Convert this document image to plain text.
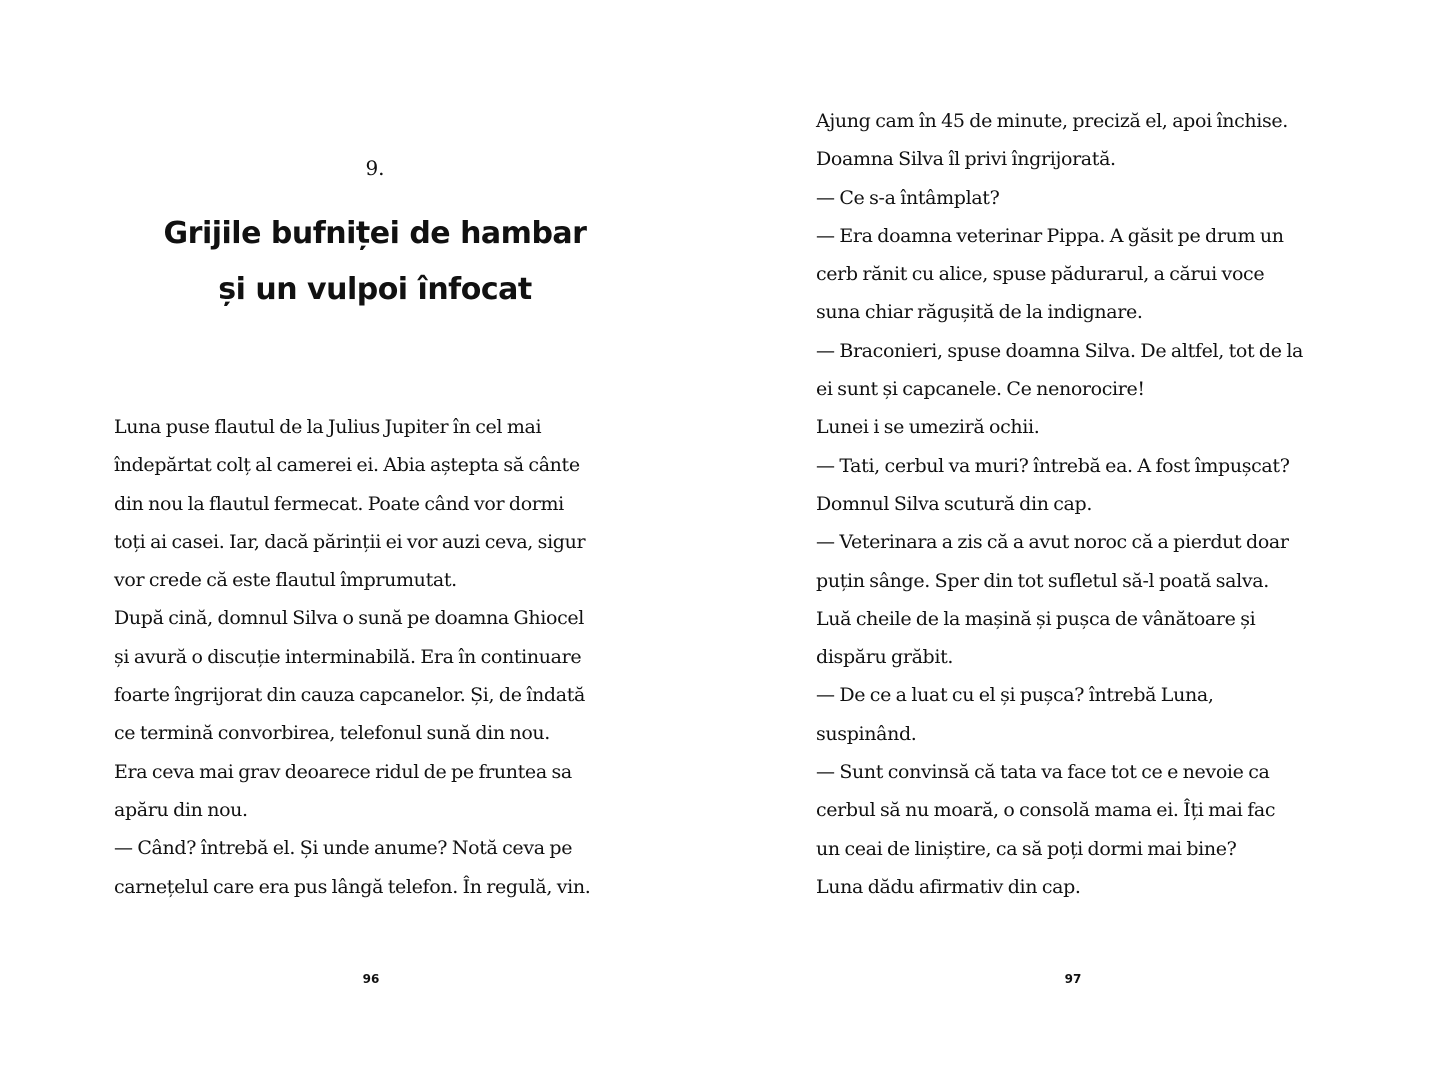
9.
Grijile bufniței de hambar
și un vulpoi înfocat
Luna puse flautul de la Julius Jupiter în cel mai
îndepărtat colț al camerei ei. Abia aștepta să cânte
din nou la flautul fermecat. Poate când vor dormi
toți ai casei. Iar, dacă părinții ei vor auzi ceva, sigur
vor crede că este flautul împrumutat.
După cină, domnul Silva o sună pe doamna Ghiocel
și avură o discuție interminabilă. Era în continuare
foarte îngrijorat din cauza capcanelor. Și, de îndată
ce termină convorbirea, telefonul sună din nou.
Era ceva mai grav deoarece ridul de pe fruntea sa
apăru din nou.
— Când? întrebă el. Și unde anume? Notă ceva pe
carnețelul care era pus lângă telefon. În regulă, vin.
96
Ajung cam în 45 de minute, preciză el, apoi închise.
Doamna Silva îl privi îngrijorată.
— Ce s-a întâmplat?
— Era doamna veterinar Pippa. A găsit pe drum un
cerb rănit cu alice, spuse pădurarul, a cărui voce
suna chiar răgușită de la indignare.
— Braconieri, spuse doamna Silva. De altfel, tot de la
ei sunt și capcanele. Ce nenorocire!
Lunei i se umeziră ochii.
— Tati, cerbul va muri? întrebă ea. A fost împușcat?
Domnul Silva scutură din cap.
— Veterinara a zis că a avut noroc că a pierdut doar
puțin sânge. Sper din tot sufletul să-l poată salva.
Luă cheile de la mașină și pușca de vânătoare și
dispăru grăbit.
— De ce a luat cu el și pușca? întrebă Luna,
suspinând.
— Sunt convinsă că tata va face tot ce e nevoie ca
cerbul să nu moară, o consolă mama ei. Îți mai fac
un ceai de liniștire, ca să poți dormi mai bine?
Luna dădu afirmativ din cap.
97
